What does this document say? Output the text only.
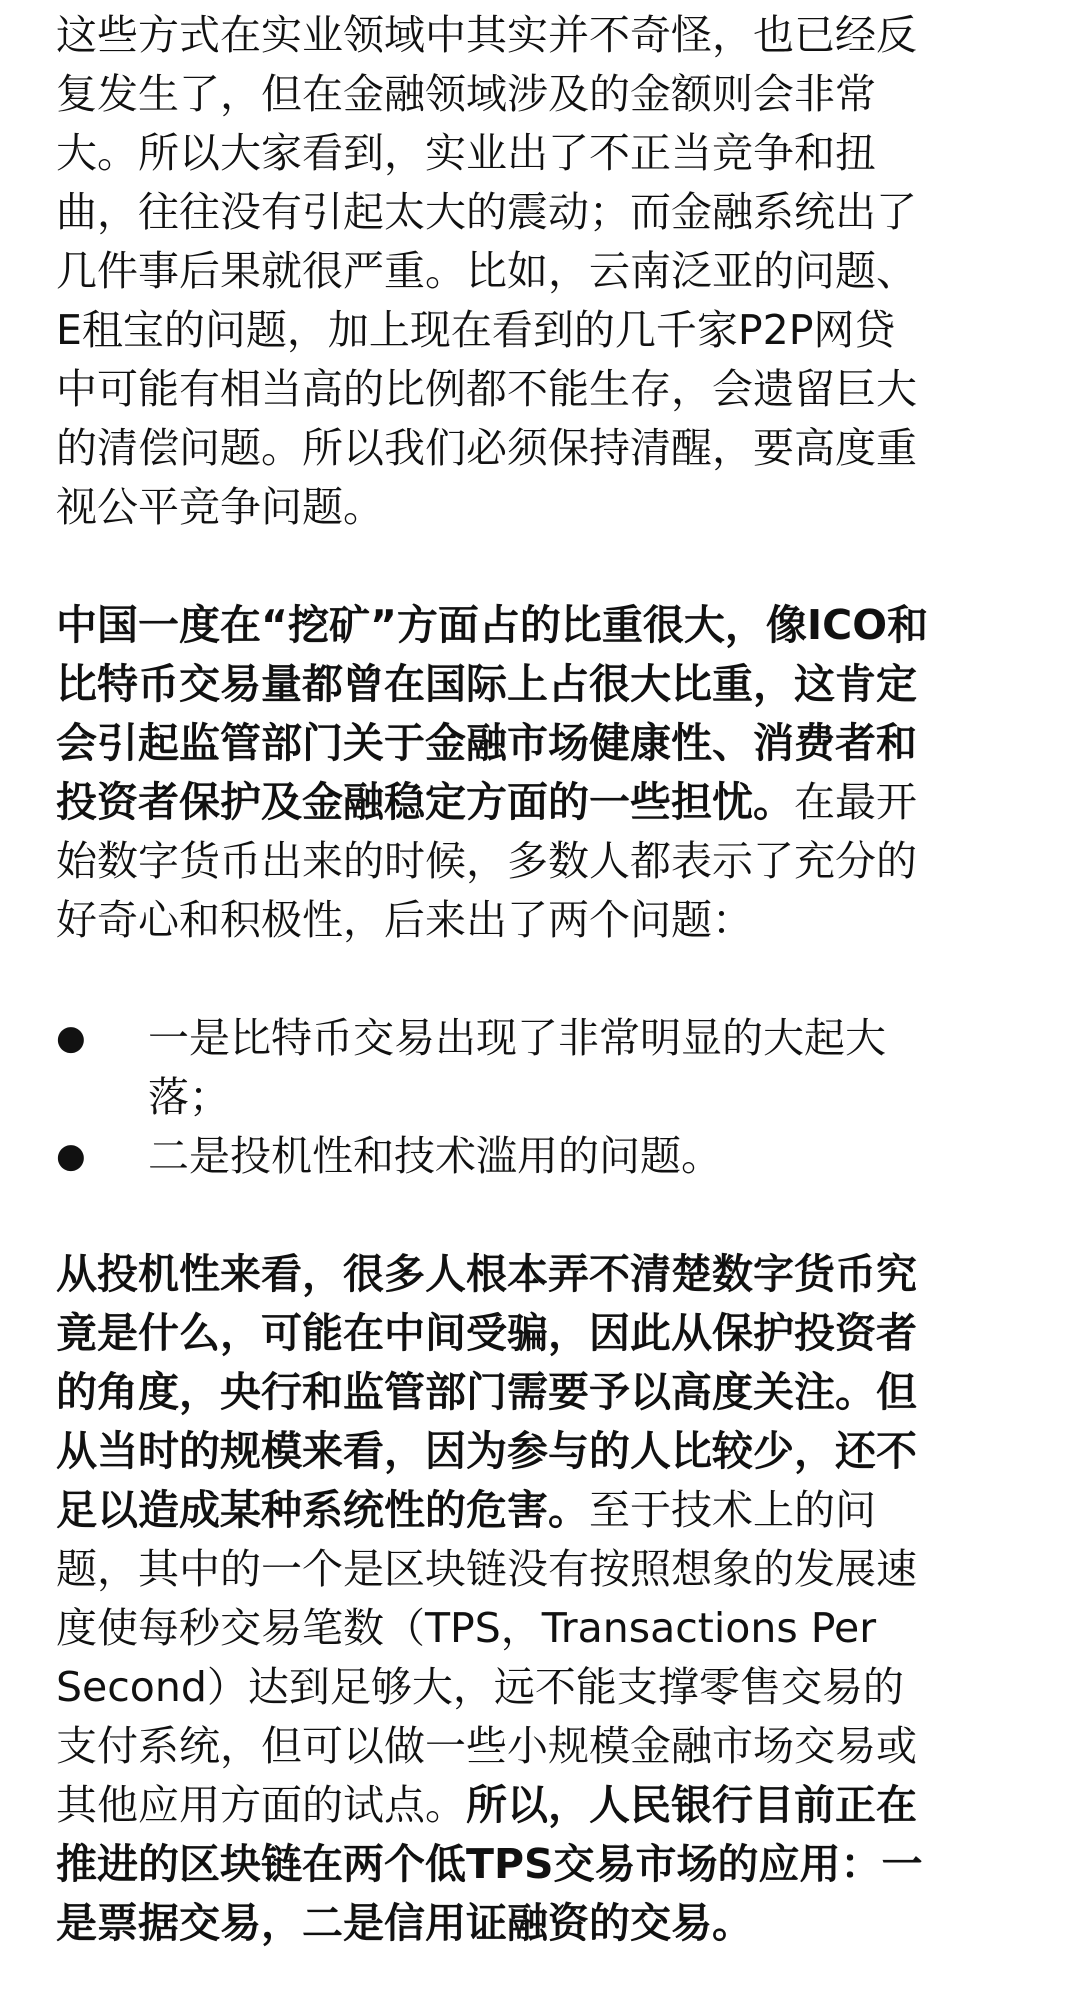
这些方式在实业领域中其实并不奇怪，也已经反
复发生了，但在金融领域涉及的金额则会非常
大。所以大家看到，实业出了不正当竞争和扭
曲，往往没有引起太大的震动；而金融系统出了
几件事后果就很严重。比如，云南泛亚的问题、
E租宝的问题，加上现在看到的几千家P2P网贷
中可能有相当高的比例都不能生存，会遗留巨大
的清偿问题。所以我们必须保持清醒，要高度重
视公平竞争问题。

中国一度在“挖矿”方面占的比重很大，像ICO和
比特币交易量都曾在国际上占很大比重，这肯定
会引起监管部门关于金融市场健康性、消费者和
投资者保护及金融稳定方面的一些担忧。在最开
始数字货币出来的时候，多数人都表示了充分的
好奇心和积极性，后来出了两个问题：

● 一是比特币交易出现了非常明显的大起大
落；
● 二是投机性和技术滥用的问题。

从投机性来看，很多人根本弄不清楚数字货币究
竟是什么，可能在中间受骗，因此从保护投资者
的角度，央行和监管部门需要予以高度关注。但
从当时的规模来看，因为参与的人比较少，还不
足以造成某种系统性的危害。至于技术上的问
题，其中的一个是区块链没有按照想象的发展速
度使每秒交易笔数（TPS，Transactions Per
Second）达到足够大，远不能支撑零售交易的
支付系统，但可以做一些小规模金融市场交易或
其他应用方面的试点。所以，人民银行目前正在
推进的区块链在两个低TPS交易市场的应用：一
是票据交易，二是信用证融资的交易。
